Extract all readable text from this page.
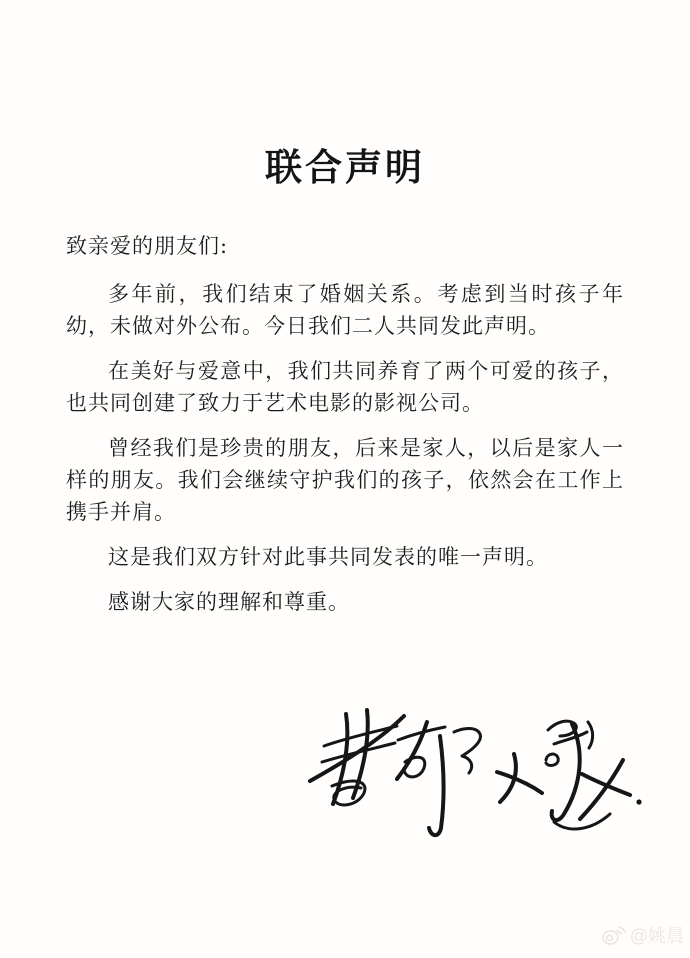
联合声明

致亲爱的朋友们:

多年前，我们结束了婚姻关系。考虑到当时孩子年幼，未做对外公布。今日我们二人共同发此声明。

在美好与爱意中，我们共同养育了两个可爱的孩子，也共同创建了致力于艺术电影的影视公司。

曾经我们是珍贵的朋友，后来是家人，以后是家人一样的朋友。我们会继续守护我们的孩子，依然会在工作上携手并肩。

这是我们双方针对此事共同发表的唯一声明。

感谢大家的理解和尊重。

@姚晨
